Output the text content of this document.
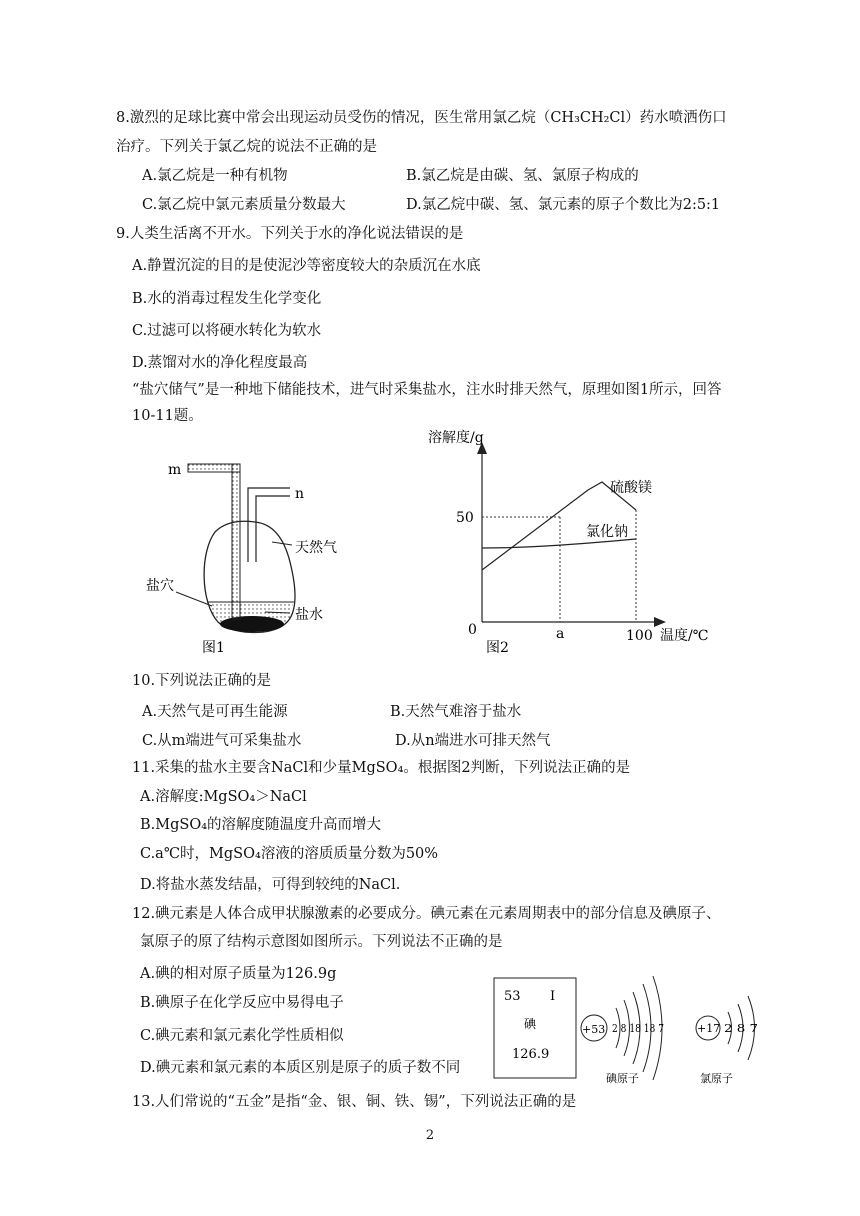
8.激烈的足球比赛中常会出现运动员受伤的情况，医生常用氯乙烷（CH₃CH₂Cl）药水喷洒伤口
治疗。下列关于氯乙烷的说法不正确的是
A.氯乙烷是一种有机物	B.氯乙烷是由碳、氢、氯原子构成的
C.氯乙烷中氯元素质量分数最大	D.氯乙烷中碳、氢、氯元素的原子个数比为2:5:1
9.人类生活离不开水。下列关于水的净化说法错误的是
A.静置沉淀的目的是使泥沙等密度较大的杂质沉在水底
B.水的消毒过程发生化学变化
C.过滤可以将硬水转化为软水
D.蒸馏对水的净化程度最高
“盐穴储气”是一种地下储能技术，进气时采集盐水，注水时排天然气，原理如图1所示，回答
10-11题。
m
n
天然气
盐穴
盐水
图1
溶解度/g
50
0	a	100 温度/℃
硫酸镁
氯化钠
图2
10.下列说法正确的是
A.天然气是可再生能源	B.天然气难溶于盐水
C.从m端进气可采集盐水	D.从n端进水可排天然气
11.采集的盐水主要含NaCl和少量MgSO₄。根据图2判断，下列说法正确的是
A.溶解度:MgSO₄＞NaCl
B.MgSO₄的溶解度随温度升高而增大
C.a℃时，MgSO₄溶液的溶质质量分数为50%
D.将盐水蒸发结晶，可得到较纯的NaCl.
12.碘元素是人体合成甲状腺激素的必要成分。碘元素在元素周期表中的部分信息及碘原子、
氯原子的原了结构示意图如图所示。下列说法不正确的是
A.碘的相对原子质量为126.9g
B.碘原子在化学反应中易得电子
C.碘元素和氯元素化学性质相似
D.碘元素和氯元素的本质区别是原子的质子数不同
53 I
碘
126.9
+53 2 8 18 18 7
碘原子
+17 2 8 7
氯原子
13.人们常说的“五金”是指“金、银、铜、铁、锡”，下列说法正确的是
2
